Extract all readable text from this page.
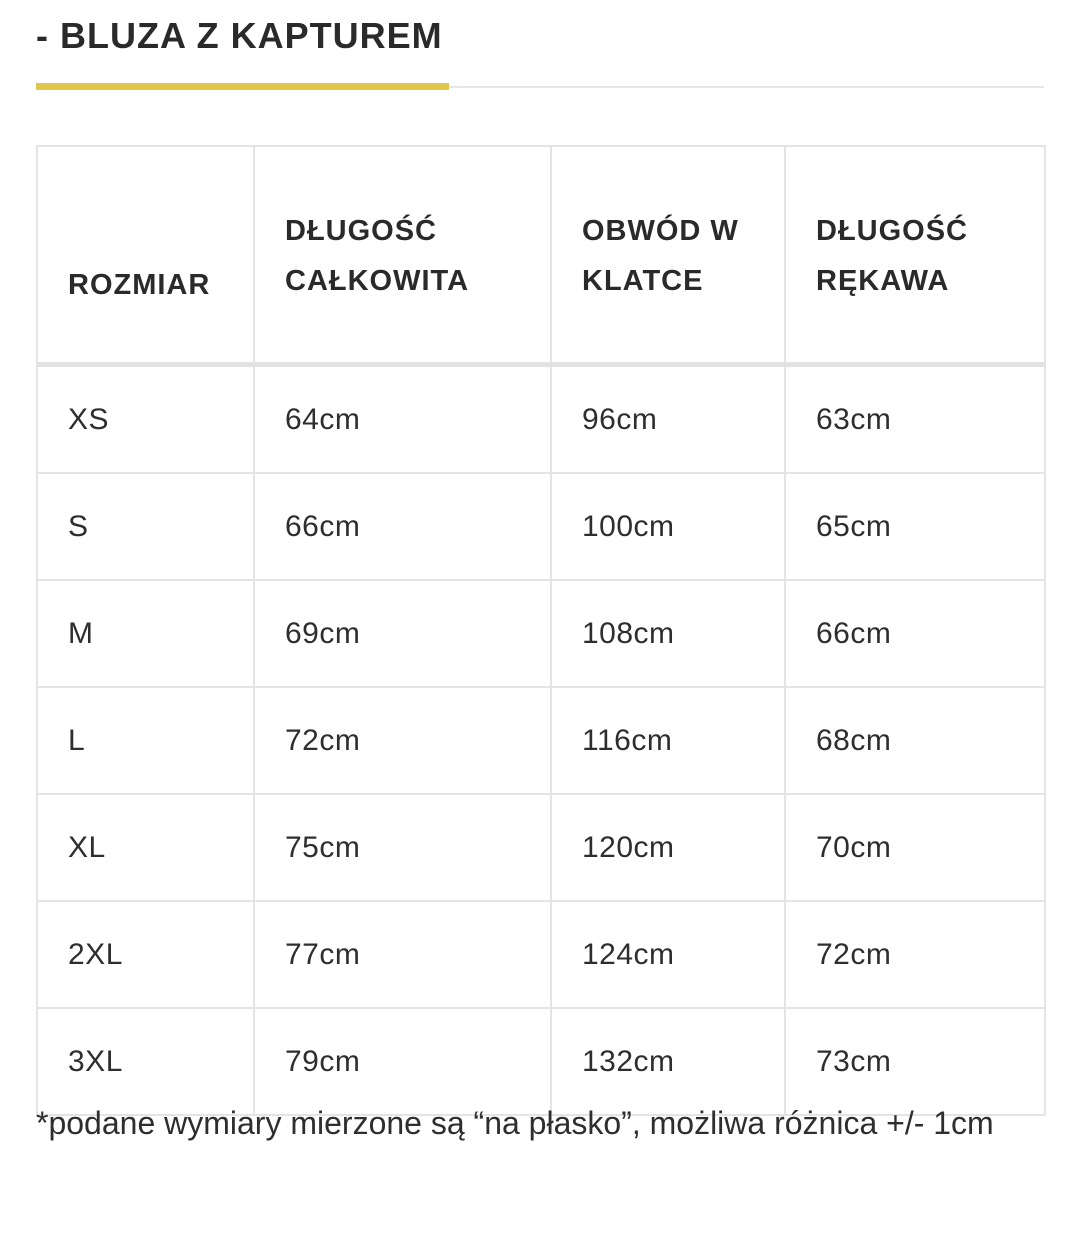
- BLUZA Z KAPTUREM
ROZMIAR	DŁUGOŚĆ CAŁKOWITA	OBWÓD W KLATCE	DŁUGOŚĆ RĘKAWA
XS	64cm	96cm	63cm
S	66cm	100cm	65cm
M	69cm	108cm	66cm
L	72cm	116cm	68cm
XL	75cm	120cm	70cm
2XL	77cm	124cm	72cm
3XL	79cm	132cm	73cm
*podane wymiary mierzone są “na płasko”, możliwa różnica +/- 1cm
